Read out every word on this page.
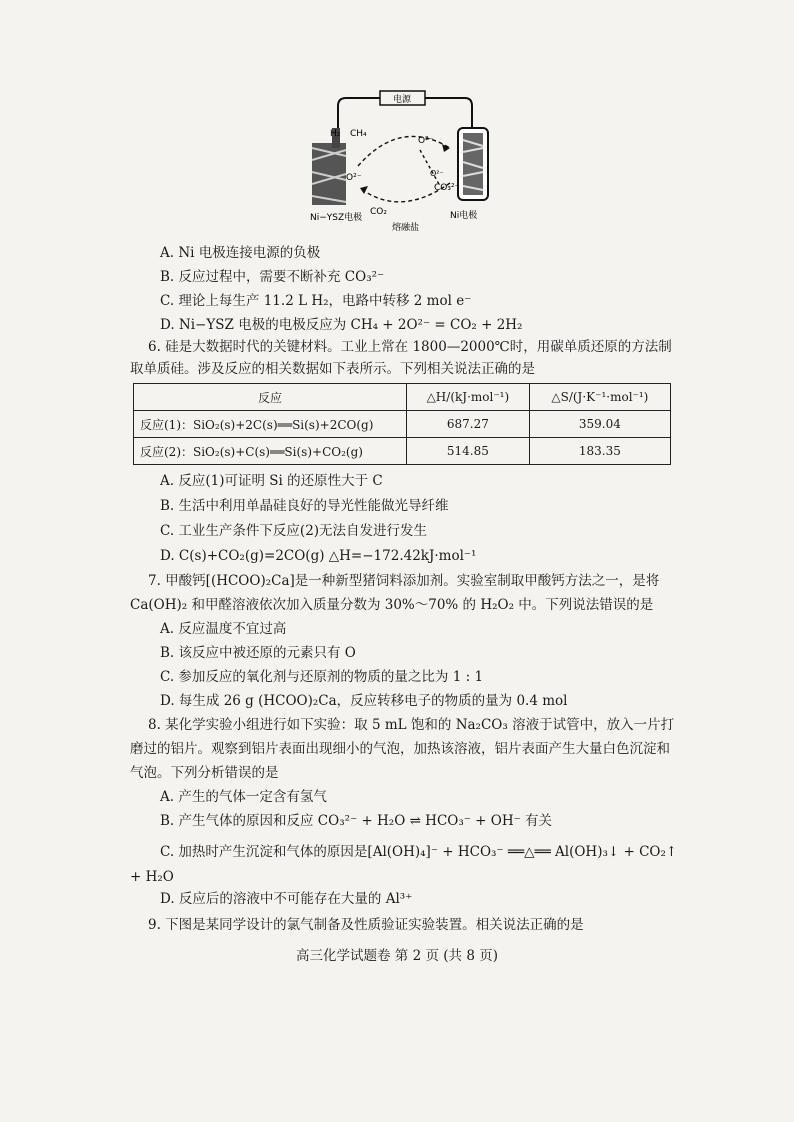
电源
H₂ CH₄
O²⁻
O²⁻
O²⁻
CO₃²⁻
CO₂
Ni−YSZ电极
熔融盐
Ni电极
A. Ni 电极连接电源的负极
B. 反应过程中，需要不断补充 CO₃²⁻
C. 理论上每生产 11.2 L H₂，电路中转移 2 mol e⁻
D. Ni−YSZ 电极的电极反应为 CH₄ + 2O²⁻ = CO₂ + 2H₂
6. 硅是大数据时代的关键材料。工业上常在 1800—2000℃时，用碳单质还原的方法制
取单质硅。涉及反应的相关数据如下表所示。下列相关说法正确的是
反应	△H/(kJ·mol⁻¹)	△S/(J·K⁻¹·mol⁻¹)
反应(1)：SiO₂(s)+2C(s)══Si(s)+2CO(g)	687.27	359.04
反应(2)：SiO₂(s)+C(s)══Si(s)+CO₂(g)	514.85	183.35
A. 反应(1)可证明 Si 的还原性大于 C
B. 生活中利用单晶硅良好的导光性能做光导纤维
C. 工业生产条件下反应(2)无法自发进行发生
D. C(s)+CO₂(g)=2CO(g) △H=−172.42kJ·mol⁻¹
7. 甲酸钙[(HCOO)₂Ca]是一种新型猪饲料添加剂。实验室制取甲酸钙方法之一，是将
Ca(OH)₂ 和甲醛溶液依次加入质量分数为 30%～70% 的 H₂O₂ 中。下列说法错误的是
A. 反应温度不宜过高
B. 该反应中被还原的元素只有 O
C. 参加反应的氧化剂与还原剂的物质的量之比为 1 : 1
D. 每生成 26 g (HCOO)₂Ca，反应转移电子的物质的量为 0.4 mol
8. 某化学实验小组进行如下实验：取 5 mL 饱和的 Na₂CO₃ 溶液于试管中，放入一片打
磨过的铝片。观察到铝片表面出现细小的气泡，加热该溶液，铝片表面产生大量白色沉淀和
气泡。下列分析错误的是
A. 产生的气体一定含有氢气
B. 产生气体的原因和反应 CO₃²⁻ + H₂O ⇌ HCO₃⁻ + OH⁻ 有关
C. 加热时产生沉淀和气体的原因是[Al(OH)₄]⁻ + HCO₃⁻ ══△══ Al(OH)₃↓ + CO₂↑
+ H₂O
D. 反应后的溶液中不可能存在大量的 Al³⁺
9. 下图是某同学设计的氯气制备及性质验证实验装置。相关说法正确的是
高三化学试题卷 第 2 页 (共 8 页)
